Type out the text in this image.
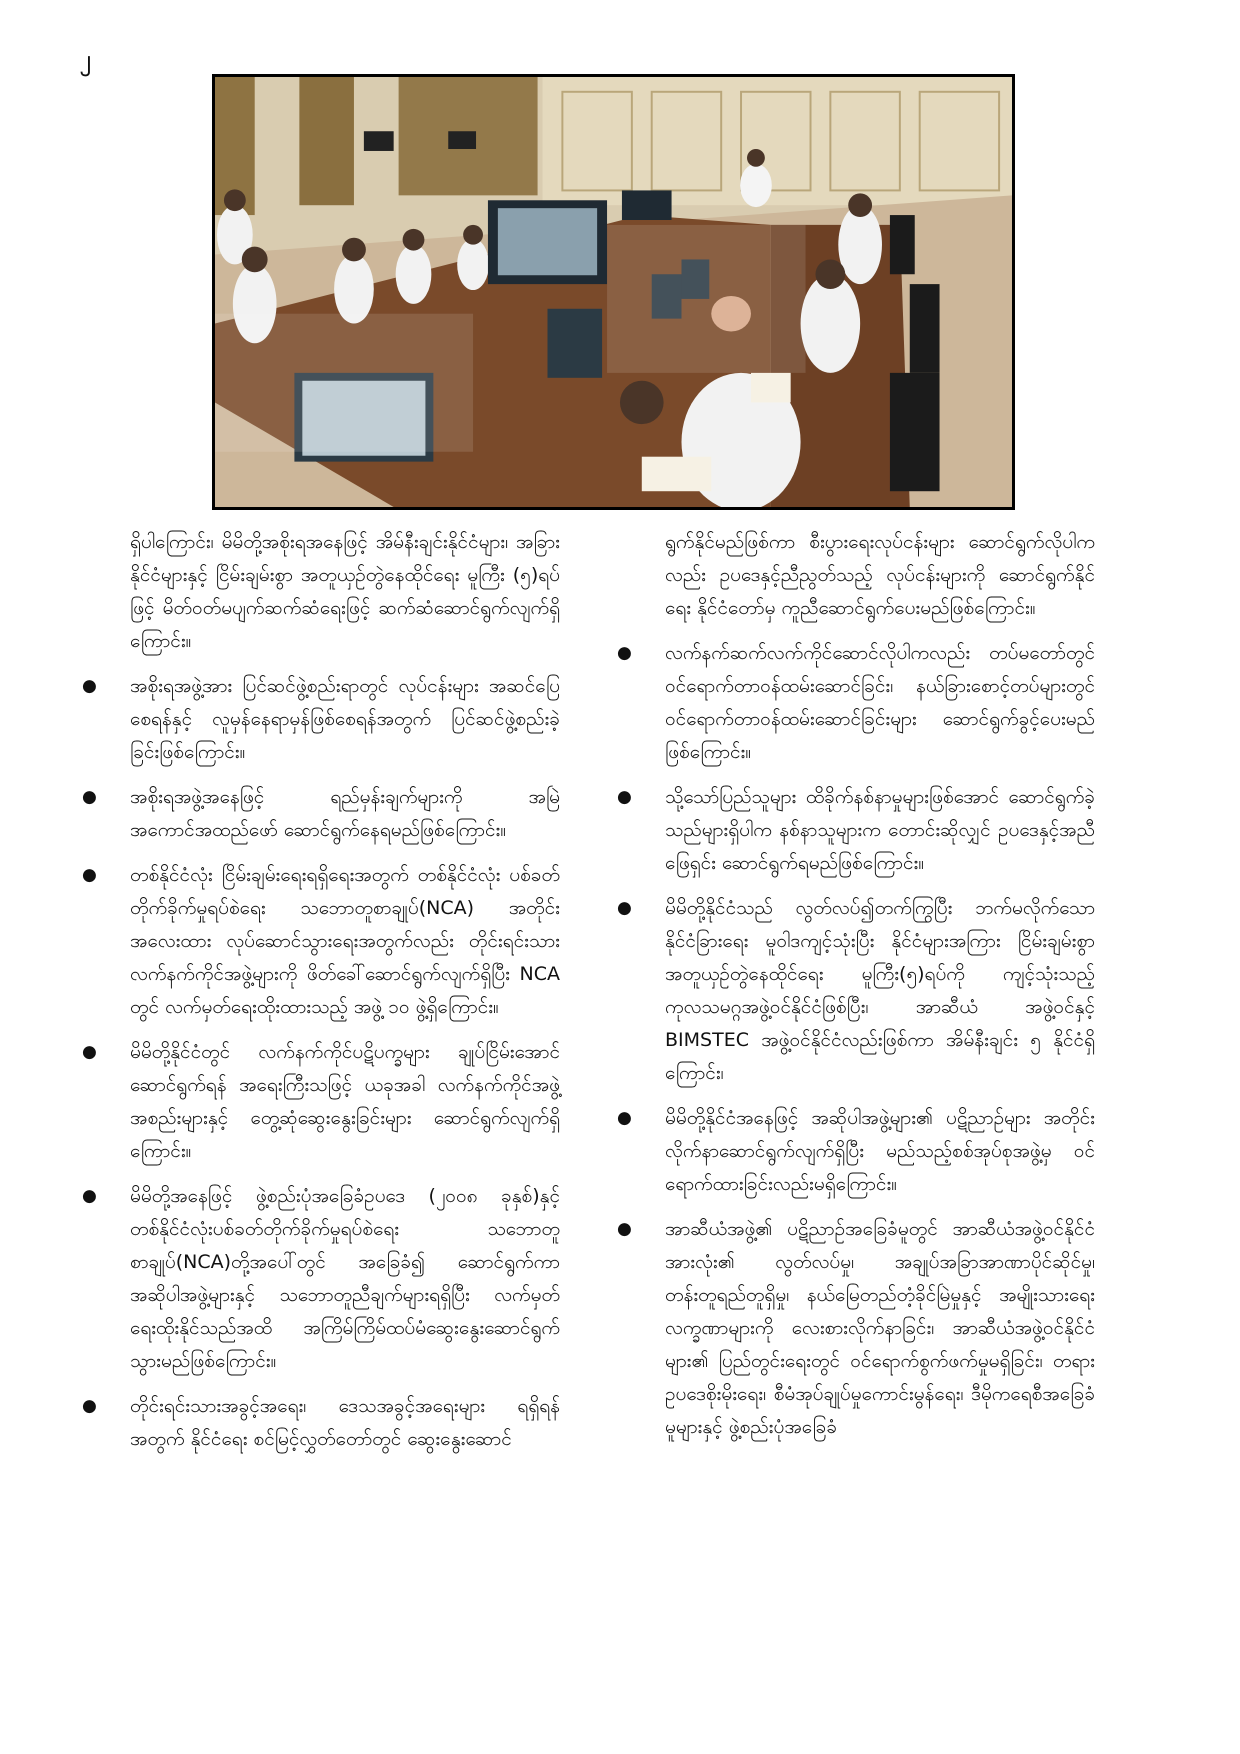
၂

ရှိပါကြောင်း၊ မိမိတို့အစိုးရအနေဖြင့် အိမ်နီးချင်းနိုင်ငံများ၊ အခြားနိုင်ငံများနှင့် ငြိမ်းချမ်းစွာ အတူယှဉ်တွဲနေထိုင်ရေး မူကြီး (၅)ရပ်ဖြင့် မိတ်ဝတ်မပျက်ဆက်ဆံရေးဖြင့် ဆက်ဆံဆောင်ရွက်လျက်ရှိကြောင်း။

● အစိုးရအဖွဲ့အား ပြင်ဆင်ဖွဲ့စည်းရာတွင် လုပ်ငန်းများ အဆင်ပြေစေရန်နှင့် လူမှန်နေရာမှန်ဖြစ်စေရန်အတွက် ပြင်ဆင်ဖွဲ့စည်းခဲ့ခြင်းဖြစ်ကြောင်း။
● အစိုးရအဖွဲ့အနေဖြင့် ရည်မှန်းချက်များကို အမြဲအကောင်အထည်ဖော် ဆောင်ရွက်နေရမည်ဖြစ်ကြောင်း။
● တစ်နိုင်ငံလုံး ငြိမ်းချမ်းရေးရရှိရေးအတွက် တစ်နိုင်ငံလုံး ပစ်ခတ်တိုက်ခိုက်မှုရပ်စဲရေး သဘောတူစာချုပ်(NCA) အတိုင်း အလေးထား လုပ်ဆောင်သွားရေးအတွက်လည်း တိုင်းရင်းသားလက်နက်ကိုင်အဖွဲ့များကို ဖိတ်ခေါ်ဆောင်ရွက်လျက်ရှိပြီး NCA တွင် လက်မှတ်ရေးထိုးထားသည့် အဖွဲ့ ၁၀ ဖွဲ့ရှိကြောင်း။
● မိမိတို့နိုင်ငံတွင် လက်နက်ကိုင်ပဋိပက္ခများ ချုပ်ငြိမ်းအောင် ဆောင်ရွက်ရန် အရေးကြီးသဖြင့် ယခုအခါ လက်နက်ကိုင်အဖွဲ့အစည်းများနှင့် တွေ့ဆုံဆွေးနွေးခြင်းများ ဆောင်ရွက်လျက်ရှိကြောင်း။
● မိမိတို့အနေဖြင့် ဖွဲ့စည်းပုံအခြေခံဥပဒေ (၂၀၀၈ ခုနှစ်)နှင့် တစ်နိုင်ငံလုံးပစ်ခတ်တိုက်ခိုက်မှုရပ်စဲရေး သဘောတူစာချုပ်(NCA)တို့အပေါ်တွင် အခြေခံ၍ ဆောင်ရွက်ကာ အဆိုပါအဖွဲ့များနှင့် သဘောတူညီချက်များရရှိပြီး လက်မှတ်ရေးထိုးနိုင်သည်အထိ အကြိမ်ကြိမ်ထပ်မံဆွေးနွေးဆောင်ရွက်သွားမည်ဖြစ်ကြောင်း။
● တိုင်းရင်းသားအခွင့်အရေး၊ ဒေသအခွင့်အရေးများ ရရှိရန်အတွက် နိုင်ငံရေး စင်မြင့်လွှတ်တော်တွင် ဆွေးနွေးဆောင်

ရွက်နိုင်မည်ဖြစ်ကာ စီးပွားရေးလုပ်ငန်းများ ဆောင်ရွက်လိုပါကလည်း ဥပဒေနှင့်ညီညွတ်သည့် လုပ်ငန်းများကို ဆောင်ရွက်နိုင်ရေး နိုင်ငံတော်မှ ကူညီဆောင်ရွက်ပေးမည်ဖြစ်ကြောင်း။

● လက်နက်ဆက်လက်ကိုင်ဆောင်လိုပါကလည်း တပ်မတော်တွင် ဝင်ရောက်တာဝန်ထမ်းဆောင်ခြင်း၊ နယ်ခြားစောင့်တပ်များတွင် ဝင်ရောက်တာဝန်ထမ်းဆောင်ခြင်းများ ဆောင်ရွက်ခွင့်ပေးမည်ဖြစ်ကြောင်း။
● သို့သော်ပြည်သူများ ထိခိုက်နစ်နာမှုများဖြစ်အောင် ဆောင်ရွက်ခဲ့သည်များရှိပါက နစ်နာသူများက တောင်းဆိုလျှင် ဥပဒေနှင့်အညီဖြေရှင်း ဆောင်ရွက်ရမည်ဖြစ်ကြောင်း။
● မိမိတို့နိုင်ငံသည် လွတ်လပ်၍တက်ကြွပြီး ဘက်မလိုက်သော နိုင်ငံခြားရေး မူဝါဒကျင့်သုံးပြီး နိုင်ငံများအကြား ငြိမ်းချမ်းစွာ အတူယှဉ်တွဲနေထိုင်ရေး မူကြီး(၅)ရပ်ကို ကျင့်သုံးသည့် ကုလသမဂ္ဂအဖွဲ့ဝင်နိုင်ငံဖြစ်ပြီး၊ အာဆီယံ အဖွဲ့ဝင်နှင့် BIMSTEC အဖွဲ့ဝင်နိုင်ငံလည်းဖြစ်ကာ အိမ်နီးချင်း ၅ နိုင်ငံရှိကြောင်း၊
● မိမိတို့နိုင်ငံအနေဖြင့် အဆိုပါအဖွဲ့များ၏ ပဋိညာဉ်များ အတိုင်း လိုက်နာဆောင်ရွက်လျက်ရှိပြီး မည်သည့်စစ်အုပ်စုအဖွဲ့မှ ဝင်ရောက်ထားခြင်းလည်းမရှိကြောင်း။
● အာဆီယံအဖွဲ့၏ ပဋိညာဉ်အခြေခံမူတွင် အာဆီယံအဖွဲ့ဝင်နိုင်ငံအားလုံး၏ လွတ်လပ်မှု၊ အချုပ်အခြာအာဏာပိုင်ဆိုင်မှု၊ တန်းတူရည်တူရှိမှု၊ နယ်မြေတည်တံ့ခိုင်မြဲမှုနှင့် အမျိုးသားရေးလက္ခဏာများကို လေးစားလိုက်နာခြင်း၊ အာဆီယံအဖွဲ့ဝင်နိုင်ငံများ၏ ပြည်တွင်းရေးတွင် ဝင်ရောက်စွက်ဖက်မှုမရှိခြင်း၊ တရားဥပဒေစိုးမိုးရေး၊ စီမံအုပ်ချုပ်မှုကောင်းမွန်ရေး၊ ဒီမိုကရေစီအခြေခံမူများနှင့် ဖွဲ့စည်းပုံအခြေခံ
